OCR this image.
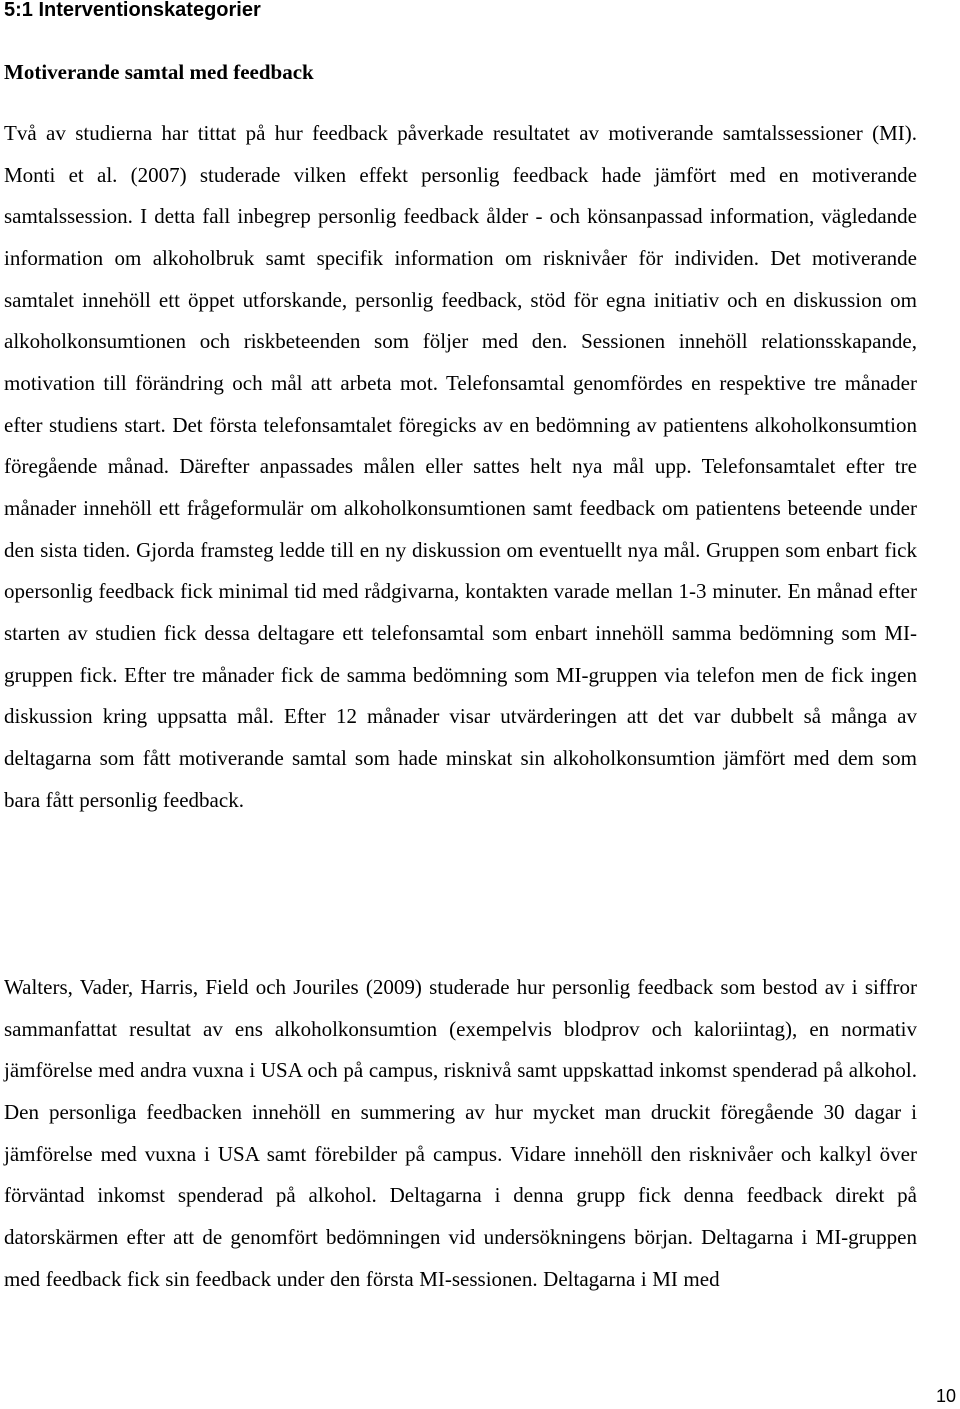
5:1 Interventionskategorier
Motiverande samtal med feedback

Två av studierna har tittat på hur feedback påverkade resultatet av motiverande samtalssessioner (MI). Monti et al. (2007) studerade vilken effekt personlig feedback hade jämfört med en motiverande samtalssession. I detta fall inbegrep personlig feedback ålder - och könsanpassad information, vägledande information om alkoholbruk samt specifik information om risknivåer för individen. Det motiverande samtalet innehöll ett öppet utforskande, personlig feedback, stöd för egna initiativ och en diskussion om alkoholkonsumtionen och riskbeteenden som följer med den. Sessionen innehöll relationsskapande, motivation till förändring och mål att arbeta mot. Telefonsamtal genomfördes en respektive tre månader efter studiens start. Det första telefonsamtalet föregicks av en bedömning av patientens alkoholkonsumtion föregående månad. Därefter anpassades målen eller sattes helt nya mål upp. Telefonsamtalet efter tre månader innehöll ett frågeformulär om alkoholkonsumtionen samt feedback om patientens beteende under den sista tiden. Gjorda framsteg ledde till en ny diskussion om eventuellt nya mål. Gruppen som enbart fick opersonlig feedback fick minimal tid med rådgivarna, kontakten varade mellan 1-3 minuter. En månad efter starten av studien fick dessa deltagare ett telefonsamtal som enbart innehöll samma bedömning som MI-gruppen fick. Efter tre månader fick de samma bedömning som MI-gruppen via telefon men de fick ingen diskussion kring uppsatta mål. Efter 12 månader visar utvärderingen att det var dubbelt så många av deltagarna som fått motiverande samtal som hade minskat sin alkoholkonsumtion jämfört med dem som bara fått personlig feedback.

Walters, Vader, Harris, Field och Jouriles (2009) studerade hur personlig feedback som bestod av i siffror sammanfattat resultat av ens alkoholkonsumtion (exempelvis blodprov och kaloriintag), en normativ jämförelse med andra vuxna i USA och på campus, risknivå samt uppskattad inkomst spenderad på alkohol. Den personliga feedbacken innehöll en summering av hur mycket man druckit föregående 30 dagar i jämförelse med vuxna i USA samt förebilder på campus. Vidare innehöll den risknivåer och kalkyl över förväntad inkomst spenderad på alkohol. Deltagarna i denna grupp fick denna feedback direkt på datorskärmen efter att de genomfört bedömningen vid undersökningens början. Deltagarna i MI-gruppen med feedback fick sin feedback under den första MI-sessionen. Deltagarna i MI med

10
